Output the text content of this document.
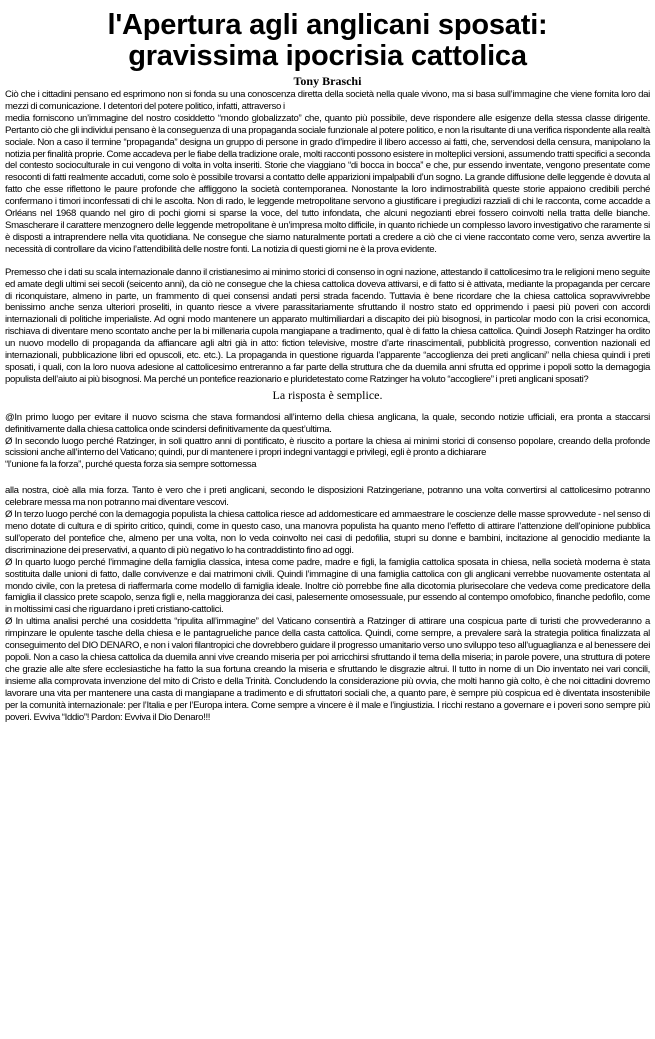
l'Apertura agli anglicani sposati:
gravissima ipocrisia cattolica
Tony Braschi

Ciò che i cittadini pensano ed esprimono non si fonda su una conoscenza diretta della società nella quale vivono, ma si basa sull’immagine che viene fornita loro dai mezzi di comunicazione. I detentori del potere politico, infatti, attraverso i

media forniscono un’immagine del nostro cosiddetto “mondo globalizzato” che, quanto più possibile, deve rispondere alle esigenze della stessa classe dirigente. Pertanto ciò che gli individui pensano è la conseguenza di una propaganda sociale funzionale al potere politico, e non la risultante di una verifica rispondente alla realtà sociale. Non a caso il termine “propaganda” designa un gruppo di persone in grado d’impedire il libero accesso ai fatti, che, servendosi della censura, manipolano la notizia per finalità proprie. Come accadeva per le fiabe della tradizione orale, molti racconti possono esistere in molteplici versioni, assumendo tratti specifici a seconda del contesto socioculturale in cui vengono di volta in volta inseriti. Storie che viaggiano “di bocca in bocca” e che, pur essendo inventate, vengono presentate come resoconti di fatti realmente accaduti, come solo è possibile trovarsi a contatto delle apparizioni impalpabili d’un sogno. La grande diffusione delle leggende è dovuta al fatto che esse riflettono le paure profonde che affliggono la società contemporanea. Nonostante la loro indimostrabilità queste storie appaiono credibili perché confermano i timori inconfessati di chi le ascolta. Non di rado, le leggende metropolitane servono a giustificare i pregiudizi razziali di chi le racconta, come accadde a Orléans nel 1968 quando nel giro di pochi giorni si sparse la voce, del tutto infondata, che alcuni negozianti ebrei fossero coinvolti nella tratta delle bianche. Smascherare il carattere menzognero delle leggende metropolitane è un’impresa molto difficile, in quanto richiede un complesso lavoro investigativo che raramente si è disposti a intraprendere nella vita quotidiana. Ne consegue che siamo naturalmente portati a credere a ciò che ci viene raccontato come vero, senza avvertire la necessità di controllare da vicino l’attendibilità delle nostre fonti. La notizia di questi giorni ne è la prova evidente.

Premesso che i dati su scala internazionale danno il cristianesimo ai minimo storici di consenso in ogni nazione, attestando il cattolicesimo tra le religioni meno seguite ed amate degli ultimi sei secoli (seicento anni), da ciò ne consegue che la chiesa cattolica doveva attivarsi, e di fatto si è attivata, mediante la propaganda per cercare di riconquistare, almeno in parte, un frammento di quei consensi andati persi strada facendo. Tuttavia è bene ricordare che la chiesa cattolica sopravvivrebbe benissimo anche senza ulteriori proseliti, in quanto riesce a vivere parassitariamente sfruttando il nostro stato ed opprimendo i paesi più poveri con accordi internazionali di politiche imperialiste. Ad ogni modo mantenere un apparato multimiliardari a discapito dei più bisognosi, in particolar modo con la crisi economica, rischiava di diventare meno scontato anche per la bi millenaria cupola mangiapane a tradimento, qual è di fatto la chiesa cattolica. Quindi Joseph Ratzinger ha ordito un nuovo modello di propaganda da affiancare agli altri già in atto: fiction televisive, mostre d’arte rinascimentali, pubblicità progresso, convention nazionali ed internazionali, pubblicazione libri ed opuscoli, etc. etc.). La propaganda in questione riguarda l’apparente “accoglienza dei preti anglicani” nella chiesa quindi i preti sposati, i quali, con la loro nuova adesione al cattolicesimo entreranno a far parte della struttura che da duemila anni sfrutta ed opprime i popoli sotto la demagogia populista dell’aiuto ai più bisognosi. Ma perché un pontefice reazionario e pluridetestato come Ratzinger ha voluto “accogliere” i preti anglicani sposati?

La risposta è semplice.

@In primo luogo per evitare il nuovo scisma che stava formandosi all’interno della chiesa anglicana, la quale, secondo notizie ufficiali, era pronta a staccarsi definitivamente dalla chiesa cattolica onde scindersi definitivamente da quest’ultima.

Ø In secondo luogo perché Ratzinger, in soli quattro anni di pontificato, è riuscito a portare la chiesa ai minimi storici di consenso popolare, creando della profonde scissioni anche all’interno del Vaticano; quindi, pur di mantenere i propri indegni vantaggi e privilegi, egli è pronto a dichiarare

“l’unione fa la forza”, purché questa forza sia sempre sottomessa

alla nostra, cioè alla mia forza. Tanto è vero che i preti anglicani, secondo le disposizioni Ratzingeriane, potranno una volta convertirsi al cattolicesimo potranno celebrare messa ma non potranno mai diventare vescovi.

Ø In terzo luogo perché con la demagogia populista la chiesa cattolica riesce ad addomesticare ed ammaestrare le coscienze delle masse sprovvedute - nel senso di meno dotate di cultura e di spirito critico, quindi, come in questo caso, una manovra populista ha quanto meno l’effetto di attirare l’attenzione dell’opinione pubblica sull’operato del pontefice che, almeno per una volta, non lo veda coinvolto nei casi di pedofilia, stupri su donne e bambini, incitazione al genocidio mediante la discriminazione dei preservativi, a quanto di più negativo lo ha contraddistinto fino ad oggi.

Ø In quarto luogo perché l’immagine della famiglia classica, intesa come padre, madre e figli, la famiglia cattolica sposata in chiesa, nella società moderna è stata sostituita dalle unioni di fatto, dalle convivenze e dai matrimoni civili. Quindi l’immagine di una famiglia cattolica con gli anglicani verrebbe nuovamente ostentata al mondo civile, con la pretesa di riaffermarla come modello di famiglia ideale. Inoltre ciò porrebbe fine alla dicotomia plurisecolare che vedeva come predicatore della famiglia il classico prete scapolo, senza figli e, nella maggioranza dei casi, palesemente omosessuale, pur essendo al contempo omofobico, finanche pedofilo, come in moltissimi casi che riguardano i preti cristiano-cattolici.

Ø In ultima analisi perché una cosiddetta “ripulita all’immagine” del Vaticano consentirà a Ratzinger di attirare una cospicua parte di turisti che provvederanno a rimpinzare le opulente tasche della chiesa e le pantagrueliche pance della casta cattolica. Quindi, come sempre, a prevalere sarà la strategia politica finalizzata al conseguimento del DIO DENARO, e non i valori filantropici che dovrebbero guidare il progresso umanitario verso uno sviluppo teso all’uguaglianza e al benessere dei popoli. Non a caso la chiesa cattolica da duemila anni vive creando miseria per poi arricchirsi sfruttando il tema della miseria; in parole povere, una struttura di potere che grazie alle alte sfere ecclesiastiche ha fatto la sua fortuna creando la miseria e sfruttando le disgrazie altrui. Il tutto in nome di un Dio inventato nei vari concili, insieme alla comprovata invenzione del mito di Cristo e della Trinità. Concludendo la considerazione più ovvia, che molti hanno già colto, è che noi cittadini dovremo lavorare una vita per mantenere una casta di mangiapane a tradimento e di sfruttatori sociali che, a quanto pare, è sempre più cospicua ed è diventata insostenibile per la comunità internazionale: per l’Italia e per l’Europa intera. Come sempre a vincere è il male e l’ingiustizia. I ricchi restano a governare e i poveri sono sempre più poveri. Evviva “Iddio”! Pardon: Evviva il Dio Denaro!!!
